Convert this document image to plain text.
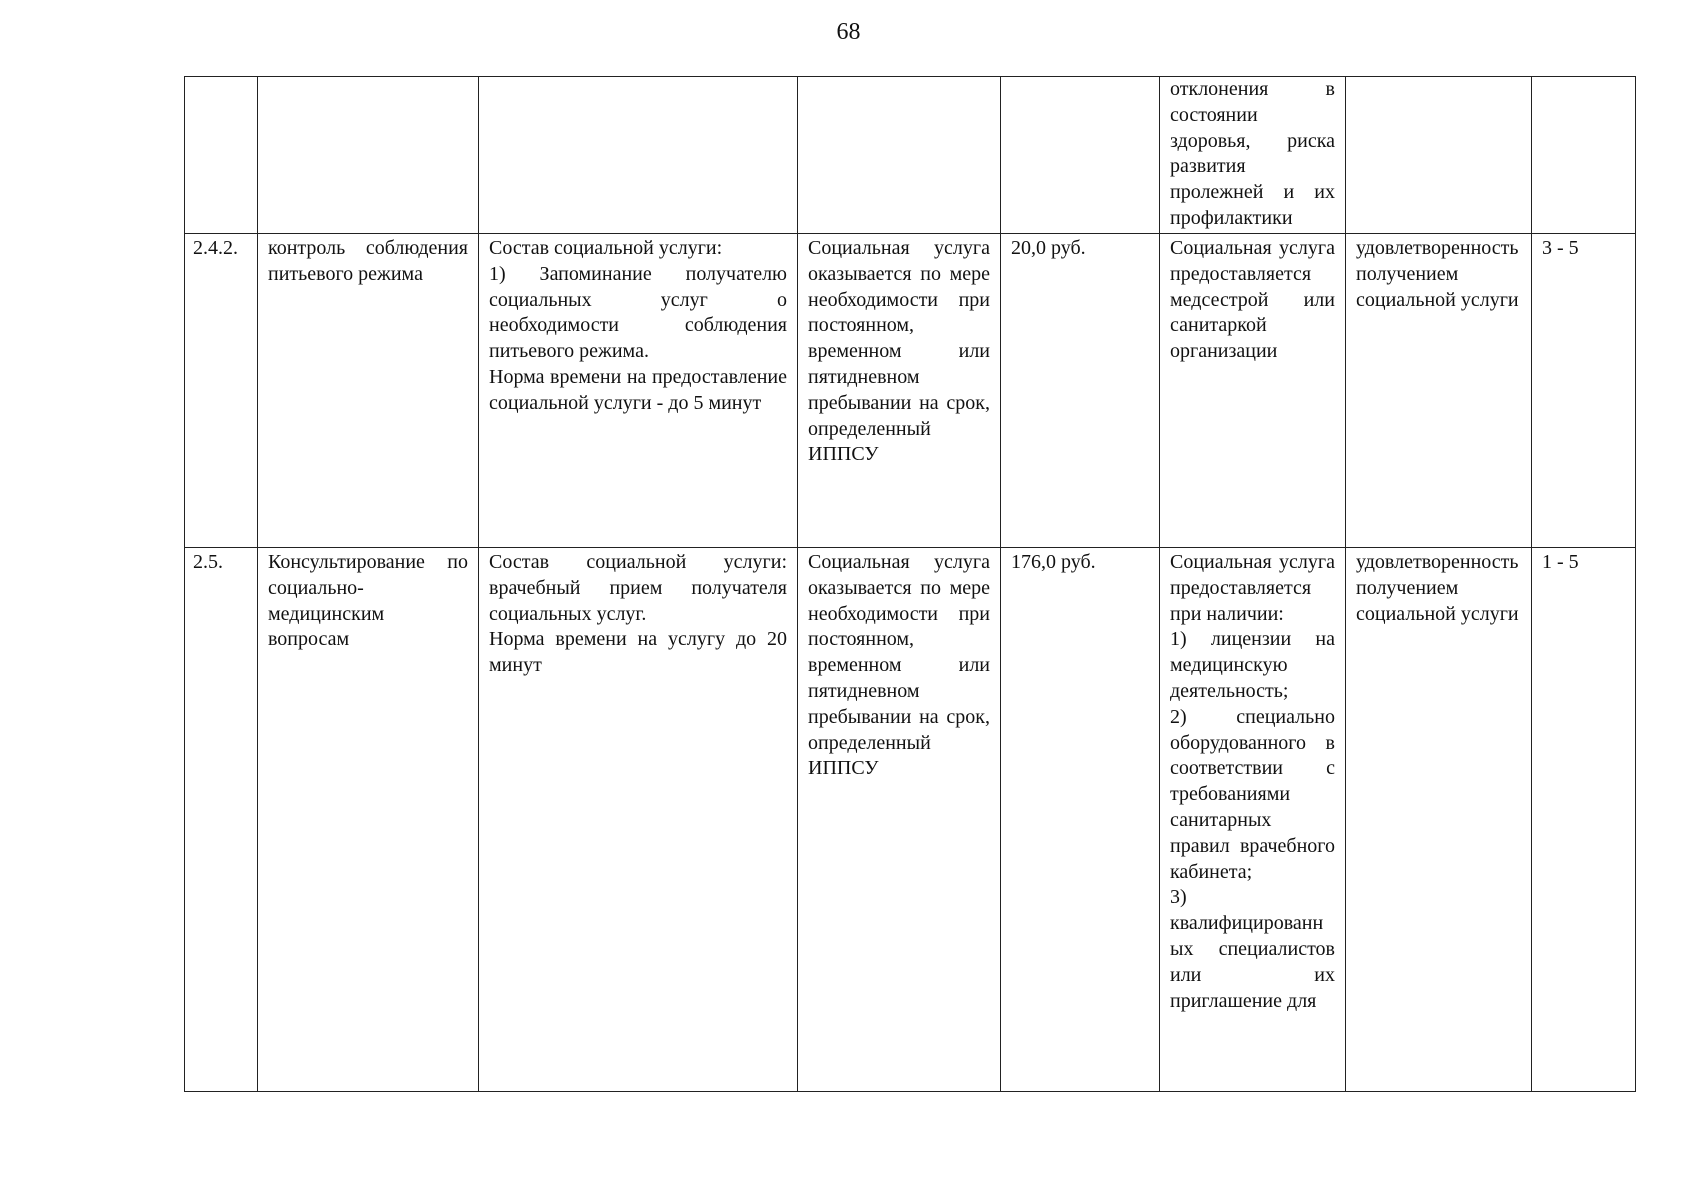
68

					отклонения в состоянии здоровья, риска развития пролежней и их профилактики		

2.4.2.	контроль соблюдения питьевого режима	Состав социальной услуги:
1) Запоминание получателю социальных услуг о необходимости соблюдения питьевого режима.
Норма времени на предоставление социальной услуги - до 5 минут	Социальная услуга оказывается по мере необходимости при постоянном, временном или пятидневном пребывании на срок, определенный ИППСУ	20,0 руб.	Социальная услуга предоставляется медсестрой или санитаркой организации	удовлетворенность получением социальной услуги	3 - 5
2.5.	Консультирование по социально-медицинским вопросам	Состав социальной услуги: врачебный прием получателя социальных услуг.
Норма времени на услугу до 20 минут	Социальная услуга оказывается по мере необходимости при постоянном, временном или пятидневном пребывании на срок, определенный ИППСУ	176,0 руб.	Социальная услуга предоставляется при наличии:
1) лицензии на медицинскую деятельность;
2) специально оборудованного в соответствии с требованиями санитарных правил врачебного кабинета;
3) квалифицированных специалистов или их приглашение для	удовлетворенность получением социальной услуги	1 - 5
